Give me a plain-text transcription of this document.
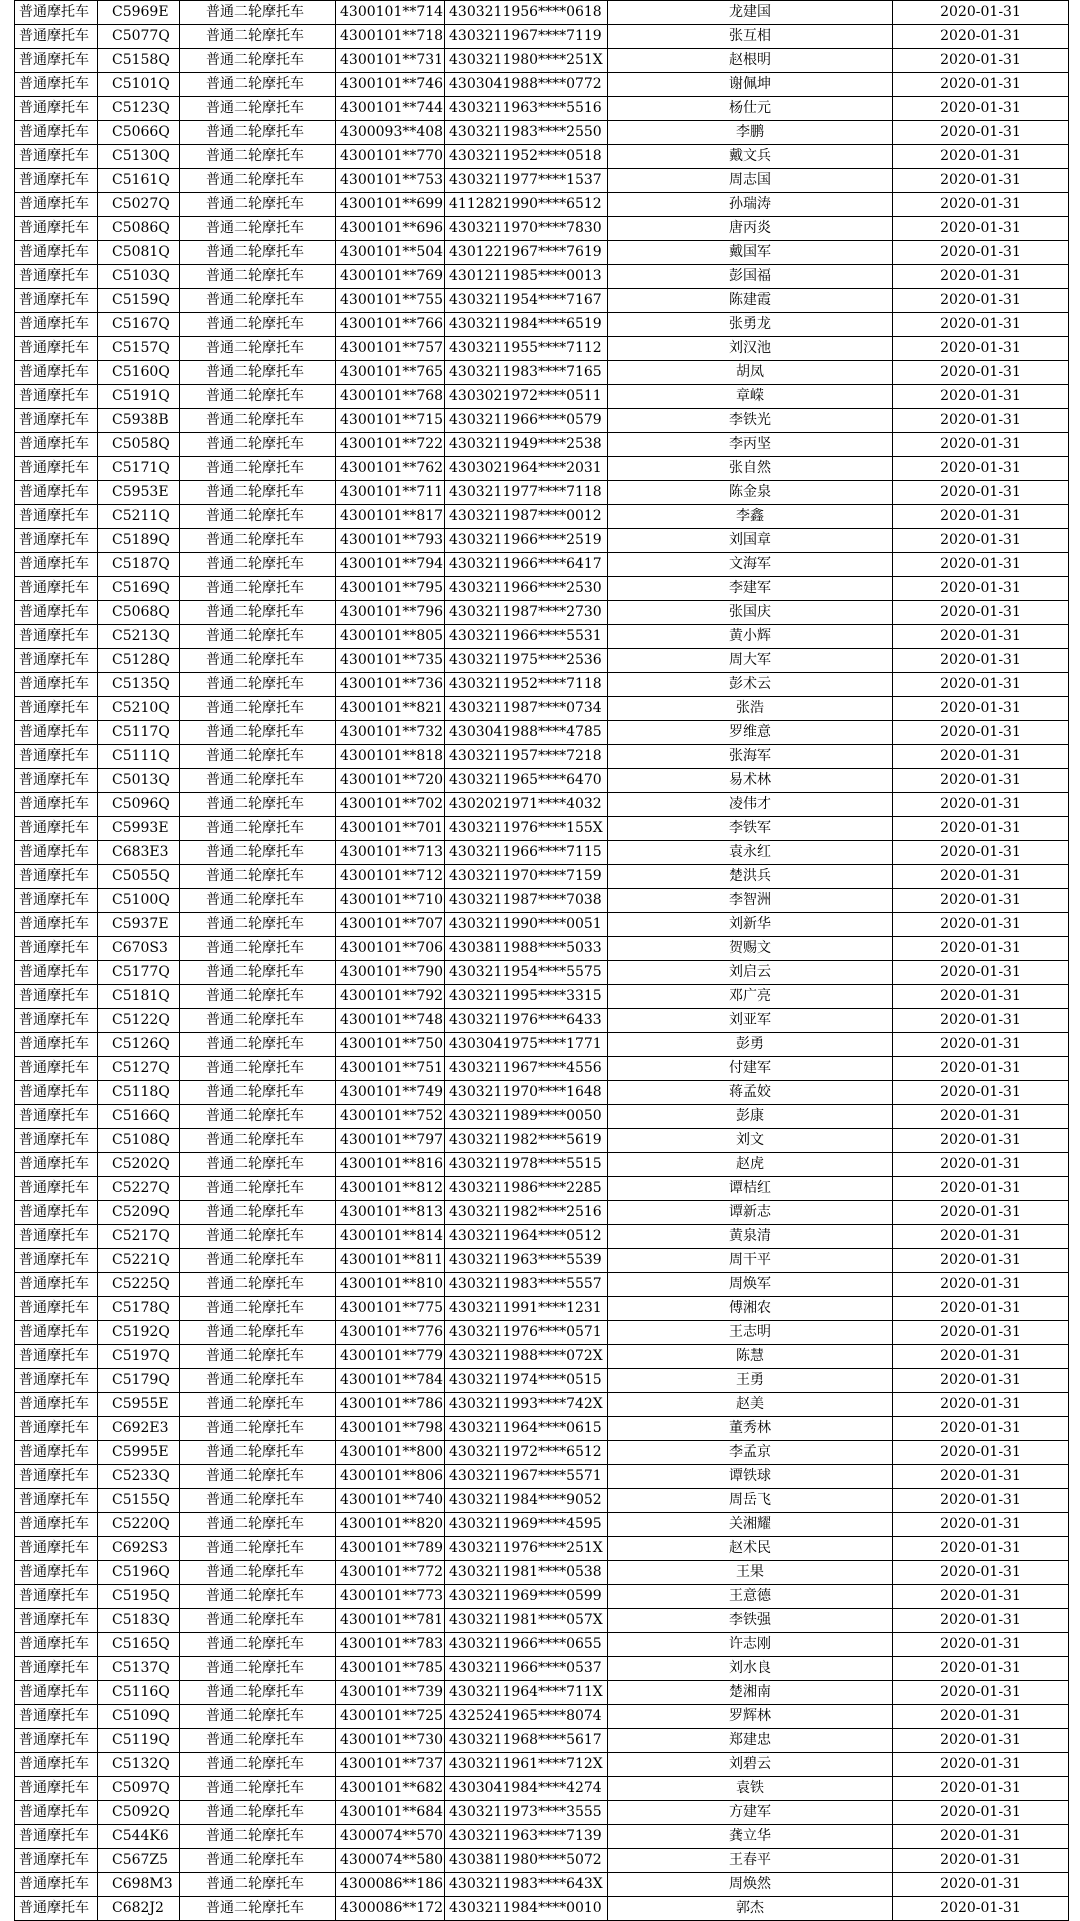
普通摩托车	C5969E	普通二轮摩托车	4300101**714	4303211956****0618	龙建国	2020-01-31
普通摩托车	C5077Q	普通二轮摩托车	4300101**718	4303211967****7119	张互相	2020-01-31
普通摩托车	C5158Q	普通二轮摩托车	4300101**731	4303211980****251X	赵根明	2020-01-31
普通摩托车	C5101Q	普通二轮摩托车	4300101**746	4303041988****0772	谢佩坤	2020-01-31
普通摩托车	C5123Q	普通二轮摩托车	4300101**744	4303211963****5516	杨仕元	2020-01-31
普通摩托车	C5066Q	普通二轮摩托车	4300093**408	4303211983****2550	李鹏	2020-01-31
普通摩托车	C5130Q	普通二轮摩托车	4300101**770	4303211952****0518	戴文兵	2020-01-31
普通摩托车	C5161Q	普通二轮摩托车	4300101**753	4303211977****1537	周志国	2020-01-31
普通摩托车	C5027Q	普通二轮摩托车	4300101**699	4112821990****6512	孙瑞涛	2020-01-31
普通摩托车	C5086Q	普通二轮摩托车	4300101**696	4303211970****7830	唐丙炎	2020-01-31
普通摩托车	C5081Q	普通二轮摩托车	4300101**504	4301221967****7619	戴国军	2020-01-31
普通摩托车	C5103Q	普通二轮摩托车	4300101**769	4301211985****0013	彭国福	2020-01-31
普通摩托车	C5159Q	普通二轮摩托车	4300101**755	4303211954****7167	陈建霞	2020-01-31
普通摩托车	C5167Q	普通二轮摩托车	4300101**766	4303211984****6519	张勇龙	2020-01-31
普通摩托车	C5157Q	普通二轮摩托车	4300101**757	4303211955****7112	刘汉池	2020-01-31
普通摩托车	C5160Q	普通二轮摩托车	4300101**765	4303211983****7165	胡凤	2020-01-31
普通摩托车	C5191Q	普通二轮摩托车	4300101**768	4303021972****0511	章嵘	2020-01-31
普通摩托车	C5938B	普通二轮摩托车	4300101**715	4303211966****0579	李铁光	2020-01-31
普通摩托车	C5058Q	普通二轮摩托车	4300101**722	4303211949****2538	李丙坚	2020-01-31
普通摩托车	C5171Q	普通二轮摩托车	4300101**762	4303021964****2031	张自然	2020-01-31
普通摩托车	C5953E	普通二轮摩托车	4300101**711	4303211977****7118	陈金泉	2020-01-31
普通摩托车	C5211Q	普通二轮摩托车	4300101**817	4303211987****0012	李鑫	2020-01-31
普通摩托车	C5189Q	普通二轮摩托车	4300101**793	4303211966****2519	刘国章	2020-01-31
普通摩托车	C5187Q	普通二轮摩托车	4300101**794	4303211966****6417	文海军	2020-01-31
普通摩托车	C5169Q	普通二轮摩托车	4300101**795	4303211966****2530	李建军	2020-01-31
普通摩托车	C5068Q	普通二轮摩托车	4300101**796	4303211987****2730	张国庆	2020-01-31
普通摩托车	C5213Q	普通二轮摩托车	4300101**805	4303211966****5531	黄小辉	2020-01-31
普通摩托车	C5128Q	普通二轮摩托车	4300101**735	4303211975****2536	周大军	2020-01-31
普通摩托车	C5135Q	普通二轮摩托车	4300101**736	4303211952****7118	彭术云	2020-01-31
普通摩托车	C5210Q	普通二轮摩托车	4300101**821	4303211987****0734	张浩	2020-01-31
普通摩托车	C5117Q	普通二轮摩托车	4300101**732	4303041988****4785	罗维意	2020-01-31
普通摩托车	C5111Q	普通二轮摩托车	4300101**818	4303211957****7218	张海军	2020-01-31
普通摩托车	C5013Q	普通二轮摩托车	4300101**720	4303211965****6470	易术林	2020-01-31
普通摩托车	C5096Q	普通二轮摩托车	4300101**702	4302021971****4032	凌伟才	2020-01-31
普通摩托车	C5993E	普通二轮摩托车	4300101**701	4303211976****155X	李铁军	2020-01-31
普通摩托车	C683E3	普通二轮摩托车	4300101**713	4303211966****7115	袁永红	2020-01-31
普通摩托车	C5055Q	普通二轮摩托车	4300101**712	4303211970****7159	楚洪兵	2020-01-31
普通摩托车	C5100Q	普通二轮摩托车	4300101**710	4303211987****7038	李智洲	2020-01-31
普通摩托车	C5937E	普通二轮摩托车	4300101**707	4303211990****0051	刘新华	2020-01-31
普通摩托车	C670S3	普通二轮摩托车	4300101**706	4303811988****5033	贺赐文	2020-01-31
普通摩托车	C5177Q	普通二轮摩托车	4300101**790	4303211954****5575	刘启云	2020-01-31
普通摩托车	C5181Q	普通二轮摩托车	4300101**792	4303211995****3315	邓广亮	2020-01-31
普通摩托车	C5122Q	普通二轮摩托车	4300101**748	4303211976****6433	刘亚军	2020-01-31
普通摩托车	C5126Q	普通二轮摩托车	4300101**750	4303041975****1771	彭勇	2020-01-31
普通摩托车	C5127Q	普通二轮摩托车	4300101**751	4303211967****4556	付建军	2020-01-31
普通摩托车	C5118Q	普通二轮摩托车	4300101**749	4303211970****1648	蒋孟姣	2020-01-31
普通摩托车	C5166Q	普通二轮摩托车	4300101**752	4303211989****0050	彭康	2020-01-31
普通摩托车	C5108Q	普通二轮摩托车	4300101**797	4303211982****5619	刘文	2020-01-31
普通摩托车	C5202Q	普通二轮摩托车	4300101**816	4303211978****5515	赵虎	2020-01-31
普通摩托车	C5227Q	普通二轮摩托车	4300101**812	4303211986****2285	谭桔红	2020-01-31
普通摩托车	C5209Q	普通二轮摩托车	4300101**813	4303211982****2516	谭新志	2020-01-31
普通摩托车	C5217Q	普通二轮摩托车	4300101**814	4303211964****0512	黄泉清	2020-01-31
普通摩托车	C5221Q	普通二轮摩托车	4300101**811	4303211963****5539	周干平	2020-01-31
普通摩托车	C5225Q	普通二轮摩托车	4300101**810	4303211983****5557	周焕军	2020-01-31
普通摩托车	C5178Q	普通二轮摩托车	4300101**775	4303211991****1231	傅湘农	2020-01-31
普通摩托车	C5192Q	普通二轮摩托车	4300101**776	4303211976****0571	王志明	2020-01-31
普通摩托车	C5197Q	普通二轮摩托车	4300101**779	4303211988****072X	陈慧	2020-01-31
普通摩托车	C5179Q	普通二轮摩托车	4300101**784	4303211974****0515	王勇	2020-01-31
普通摩托车	C5955E	普通二轮摩托车	4300101**786	4303211993****742X	赵美	2020-01-31
普通摩托车	C692E3	普通二轮摩托车	4300101**798	4303211964****0615	董秀林	2020-01-31
普通摩托车	C5995E	普通二轮摩托车	4300101**800	4303211972****6512	李孟京	2020-01-31
普通摩托车	C5233Q	普通二轮摩托车	4300101**806	4303211967****5571	谭铁球	2020-01-31
普通摩托车	C5155Q	普通二轮摩托车	4300101**740	4303211984****9052	周岳飞	2020-01-31
普通摩托车	C5220Q	普通二轮摩托车	4300101**820	4303211969****4595	关湘耀	2020-01-31
普通摩托车	C692S3	普通二轮摩托车	4300101**789	4303211976****251X	赵术民	2020-01-31
普通摩托车	C5196Q	普通二轮摩托车	4300101**772	4303211981****0538	王果	2020-01-31
普通摩托车	C5195Q	普通二轮摩托车	4300101**773	4303211969****0599	王意德	2020-01-31
普通摩托车	C5183Q	普通二轮摩托车	4300101**781	4303211981****057X	李铁强	2020-01-31
普通摩托车	C5165Q	普通二轮摩托车	4300101**783	4303211966****0655	许志刚	2020-01-31
普通摩托车	C5137Q	普通二轮摩托车	4300101**785	4303211966****0537	刘水良	2020-01-31
普通摩托车	C5116Q	普通二轮摩托车	4300101**739	4303211964****711X	楚湘南	2020-01-31
普通摩托车	C5109Q	普通二轮摩托车	4300101**725	4325241965****8074	罗辉林	2020-01-31
普通摩托车	C5119Q	普通二轮摩托车	4300101**730	4303211968****5617	郑建忠	2020-01-31
普通摩托车	C5132Q	普通二轮摩托车	4300101**737	4303211961****712X	刘碧云	2020-01-31
普通摩托车	C5097Q	普通二轮摩托车	4300101**682	4303041984****4274	袁铁	2020-01-31
普通摩托车	C5092Q	普通二轮摩托车	4300101**684	4303211973****3555	方建军	2020-01-31
普通摩托车	C544K6	普通二轮摩托车	4300074**570	4303211963****7139	龚立华	2020-01-31
普通摩托车	C567Z5	普通二轮摩托车	4300074**580	4303811980****5072	王春平	2020-01-31
普通摩托车	C698M3	普通二轮摩托车	4300086**186	4303211983****643X	周焕然	2020-01-31
普通摩托车	C682J2	普通二轮摩托车	4300086**172	4303211984****0010	郭杰	2020-01-31
